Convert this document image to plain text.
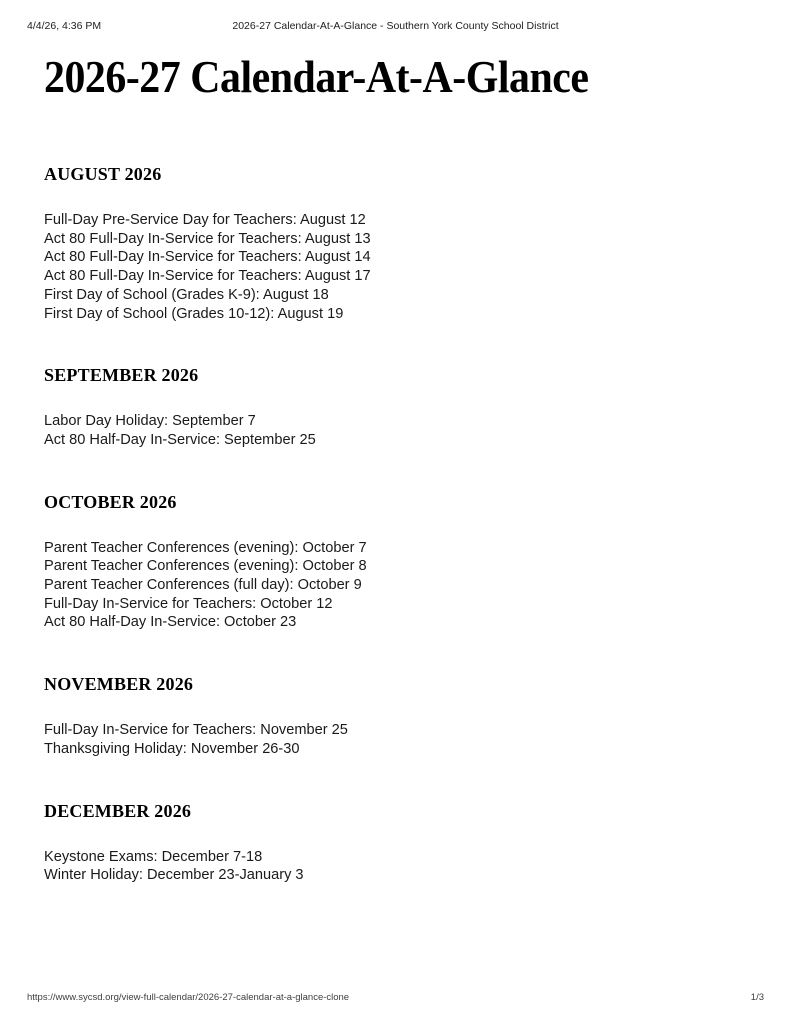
4/4/26, 4:36 PM	2026-27 Calendar-At-A-Glance - Southern York County School District
2026-27 Calendar-At-A-Glance
AUGUST 2026
Full-Day Pre-Service Day for Teachers: August 12
Act 80 Full-Day In-Service for Teachers: August 13
Act 80 Full-Day In-Service for Teachers: August 14
Act 80 Full-Day In-Service for Teachers: August 17
First Day of School (Grades K-9): August 18
First Day of School (Grades 10-12): August 19
SEPTEMBER 2026
Labor Day Holiday: September 7
Act 80 Half-Day In-Service: September 25
OCTOBER 2026
Parent Teacher Conferences (evening): October 7
Parent Teacher Conferences (evening): October 8
Parent Teacher Conferences (full day): October 9
Full-Day In-Service for Teachers: October 12
Act 80 Half-Day In-Service: October 23
NOVEMBER 2026
Full-Day In-Service for Teachers: November 25
Thanksgiving Holiday: November 26-30
DECEMBER 2026
Keystone Exams: December 7-18
Winter Holiday: December 23-January 3
https://www.sycsd.org/view-full-calendar/2026-27-calendar-at-a-glance-clone	1/3
